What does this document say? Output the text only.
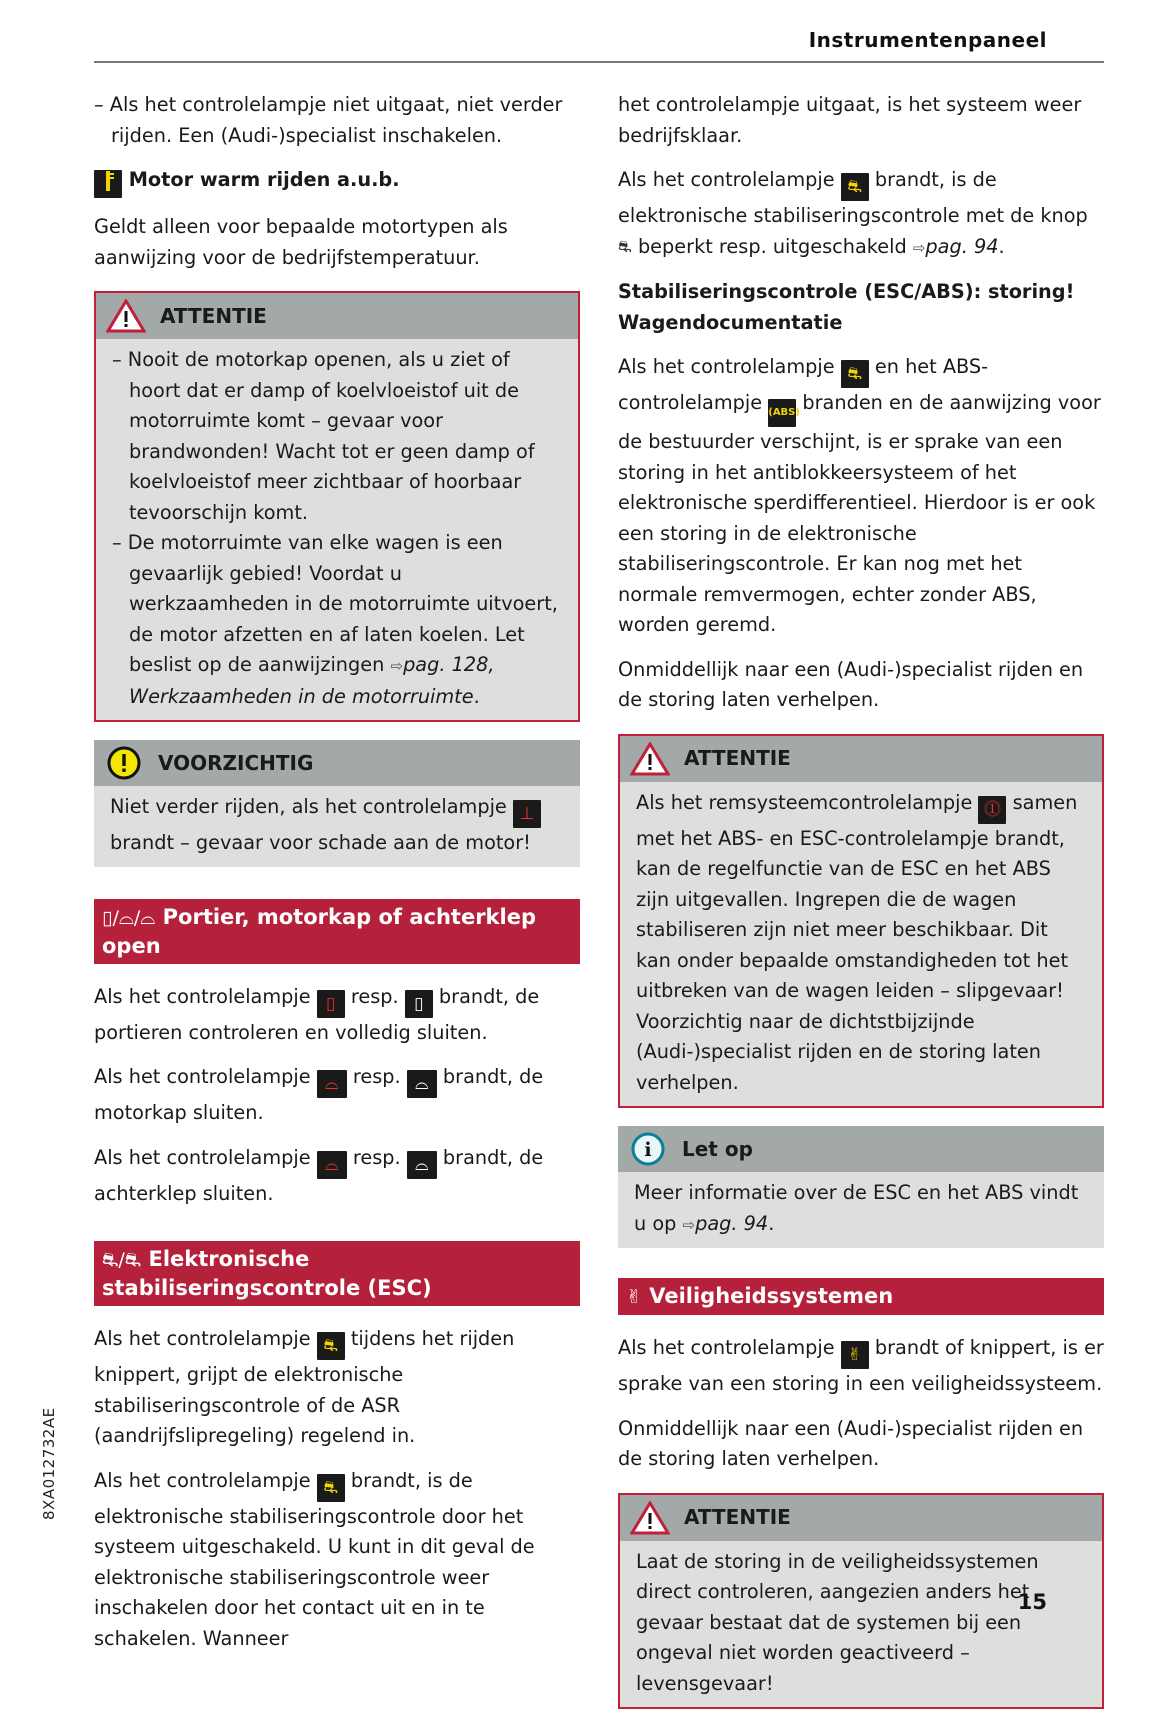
Instrumentenpaneel

– Als het controlelampje niet uitgaat, niet verder rijden. Een (Audi-)specialist inschakelen.

Motor warm rijden a.u.b.

Geldt alleen voor bepaalde motortypen als aanwijzing voor de bedrijfstemperatuur.

ATTENTIE

– Nooit de motorkap openen, als u ziet of hoort dat er damp of koelvloeistof uit de motorruimte komt – gevaar voor brandwonden! Wacht tot er geen damp of koelvloeistof meer zichtbaar of hoorbaar tevoorschijn komt.

– De motorruimte van elke wagen is een gevaarlijk gebied! Voordat u werkzaamheden in de motorruimte uitvoert, de motor afzetten en af laten koelen. Let beslist op de aanwijzingen ⇨pag. 128, Werkzaamheden in de motorruimte.

VOORZICHTIG

Niet verder rijden, als het controlelampje ⊥ brandt – gevaar voor schade aan de motor!

▯/⌓/⌓ Portier, motorkap of achterklep open

Als het controlelampje ▯ resp. ▯ brandt, de portieren controleren en volledig sluiten.

Als het controlelampje ⌓ resp. ⌓ brandt, de motorkap sluiten.

Als het controlelampje ⌓ resp. ⌓ brandt, de achterklep sluiten.

⛐/⛐ Elektronische stabiliseringscontrole (ESC)

Als het controlelampje ⛐ tijdens het rijden knippert, grijpt de elektronische stabiliseringscontrole of de ASR (aandrijfslipregeling) regelend in.

Als het controlelampje ⛐ brandt, is de elektronische stabiliseringscontrole door het systeem uitgeschakeld. U kunt in dit geval de elektronische stabiliseringscontrole weer inschakelen door het contact uit en in te schakelen. Wanneer

het controlelampje uitgaat, is het systeem weer bedrijfsklaar.

Als het controlelampje ⛐ brandt, is de elektronische stabiliseringscontrole met de knop ⛐ beperkt resp. uitgeschakeld ⇨pag. 94.

Stabiliseringscontrole (ESC/ABS): storing! Wagendocumentatie

Als het controlelampje ⛐ en het ABS-controlelampje (ABS) branden en de aanwijzing voor de bestuurder verschijnt, is er sprake van een storing in het antiblokkeersysteem of het elektronische sperdifferentieel. Hierdoor is er ook een storing in de elektronische stabiliseringscontrole. Er kan nog met het normale remvermogen, echter zonder ABS, worden geremd.

Onmiddellijk naar een (Audi-)specialist rijden en de storing laten verhelpen.

ATTENTIE

Als het remsysteemcontrolelampje ⓵ samen met het ABS- en ESC-controlelampje brandt, kan de regelfunctie van de ESC en het ABS zijn uitgevallen. Ingrepen die de wagen stabiliseren zijn niet meer beschikbaar. Dit kan onder bepaalde omstandigheden tot het uitbreken van de wagen leiden – slipgevaar! Voorzichtig naar de dichtstbijzijnde (Audi-)specialist rijden en de storing laten verhelpen.

i Let op

Meer informatie over de ESC en het ABS vindt u op ⇨pag. 94.

✌ Veiligheidssystemen

Als het controlelampje ✌ brandt of knippert, is er sprake van een storing in een veiligheidssysteem.

Onmiddellijk naar een (Audi-)specialist rijden en de storing laten verhelpen.

ATTENTIE

Laat de storing in de veiligheidssystemen direct controleren, aangezien anders het gevaar bestaat dat de systemen bij een ongeval niet worden geactiveerd – levensgevaar!

8XA012732AE
15
